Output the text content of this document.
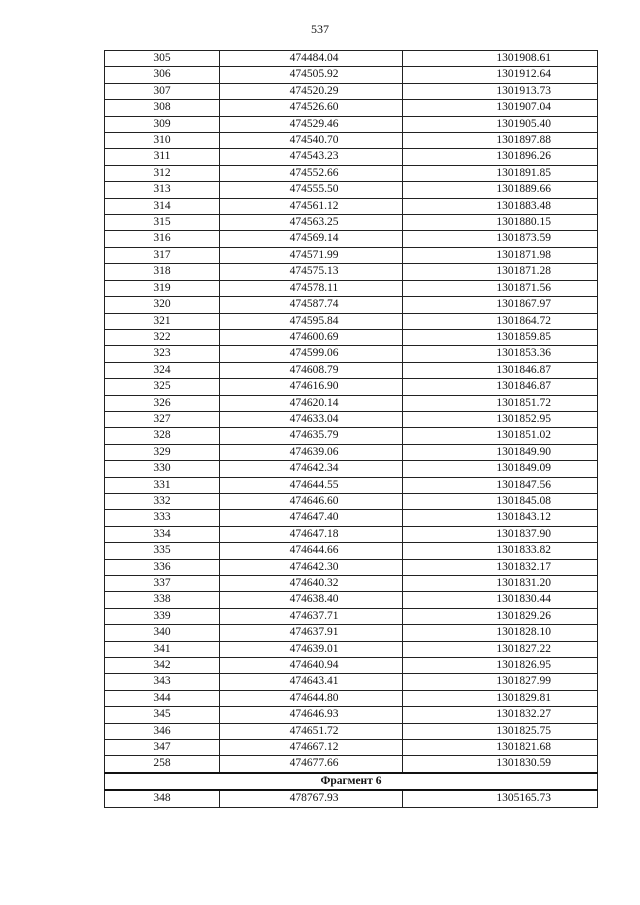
537
305	474484.04	1301908.61
306	474505.92	1301912.64
307	474520.29	1301913.73
308	474526.60	1301907.04
309	474529.46	1301905.40
310	474540.70	1301897.88
311	474543.23	1301896.26
312	474552.66	1301891.85
313	474555.50	1301889.66
314	474561.12	1301883.48
315	474563.25	1301880.15
316	474569.14	1301873.59
317	474571.99	1301871.98
318	474575.13	1301871.28
319	474578.11	1301871.56
320	474587.74	1301867.97
321	474595.84	1301864.72
322	474600.69	1301859.85
323	474599.06	1301853.36
324	474608.79	1301846.87
325	474616.90	1301846.87
326	474620.14	1301851.72
327	474633.04	1301852.95
328	474635.79	1301851.02
329	474639.06	1301849.90
330	474642.34	1301849.09
331	474644.55	1301847.56
332	474646.60	1301845.08
333	474647.40	1301843.12
334	474647.18	1301837.90
335	474644.66	1301833.82
336	474642.30	1301832.17
337	474640.32	1301831.20
338	474638.40	1301830.44
339	474637.71	1301829.26
340	474637.91	1301828.10
341	474639.01	1301827.22
342	474640.94	1301826.95
343	474643.41	1301827.99
344	474644.80	1301829.81
345	474646.93	1301832.27
346	474651.72	1301825.75
347	474667.12	1301821.68
258	474677.66	1301830.59
Фрагмент 6		
348	478767.93	1305165.73
